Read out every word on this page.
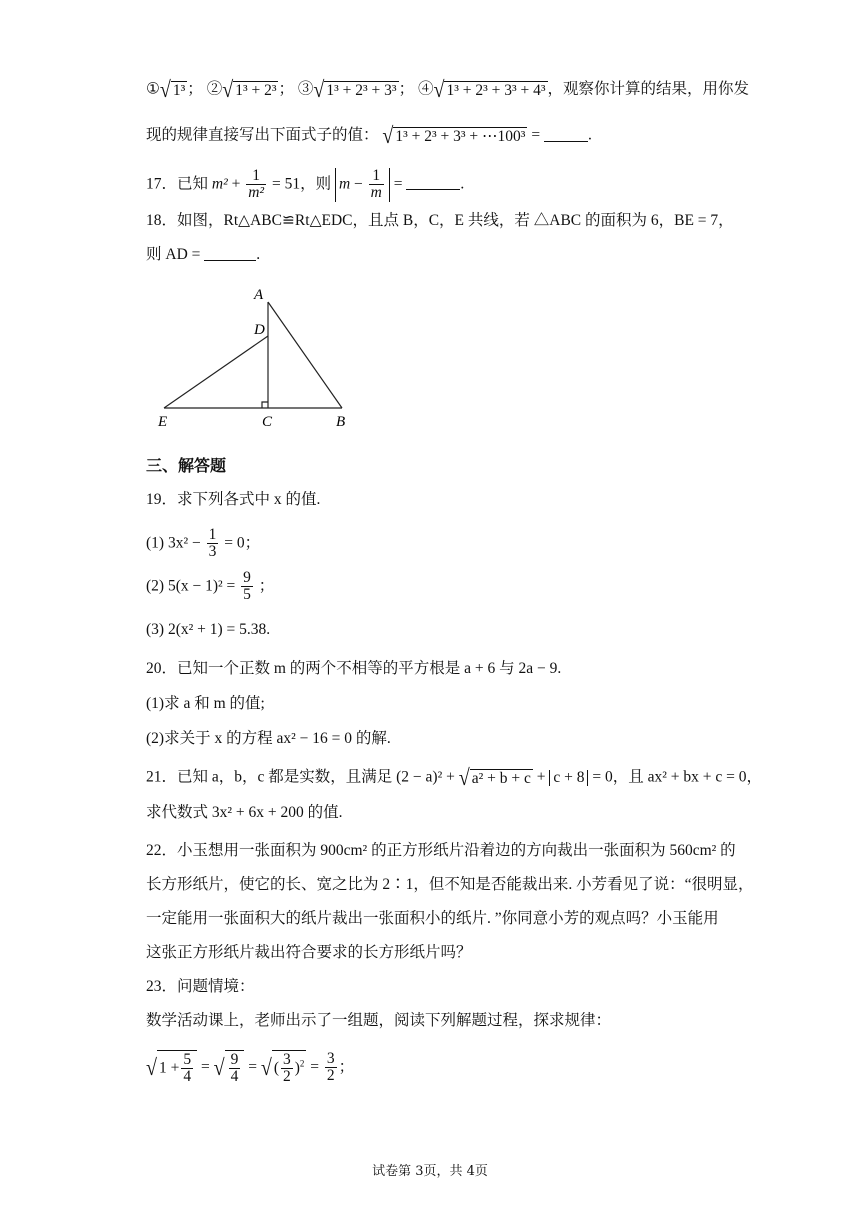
①√ 1³ ； ②√ 1³ + 2³ ； ③√ 1³ + 2³ + 3³ ； ④√ 1³ + 2³ + 3³ + 4³ ，观察你计算的结果，用你发
现的规律直接写出下面式子的值： √ 1³ + 2³ + 3³ + ⋯100³ =	.
17．已知 $m^2 + \frac{1}{\text{m²}} = 51$，则 $m - \frac{1}{m}$ =	.
18．如图，Rt△ABC≌Rt△EDC，且点 B，C，E 共线，若 △ABC 的面积为 6，BE = 7，
则 AD =	.
A
D
E	C	B
三、解答题
19．求下列各式中 x 的值.
(1) $3x^2 - \frac{1}{3} = 0$；
(2) $5(x - 1)^2 = \frac{9}{5}$ ；
(3) 2(x² + 1) = 5.38.
20．已知一个正数 m 的两个不相等的平方根是 a + 6 与 2a − 9.
(1)求 a 和 m 的值;
(2)求关于 x 的方程 ax² − 16 = 0 的解.
21．已知 a，b，c 都是实数，且满足 (2 − a)² + √ a² + b + c + c + 8 = 0，且 ax² + bx + c = 0，
求代数式 3x² + 6x + 200 的值.
22．小玉想用一张面积为 900cm² 的正方形纸片沿着边的方向裁出一张面积为 560cm² 的
长方形纸片，使它的长、宽之比为 2∶1，但不知是否能裁出来. 小芳看见了说：“很明显，
一定能用一张面积大的纸片裁出一张面积小的纸片. ”你同意小芳的观点吗？小玉能用
这张正方形纸片裁出符合要求的长方形纸片吗？
23．问题情境：
数学活动课上，老师出示了一组题，阅读下列解题过程，探求规律：
√ $1 + \frac{5}{4}$ = √ $\frac{9}{4}$ = √ ( $\frac{3}{2} )^2 = \frac{3}{2}$ ；
试卷第 3页，共 4页
